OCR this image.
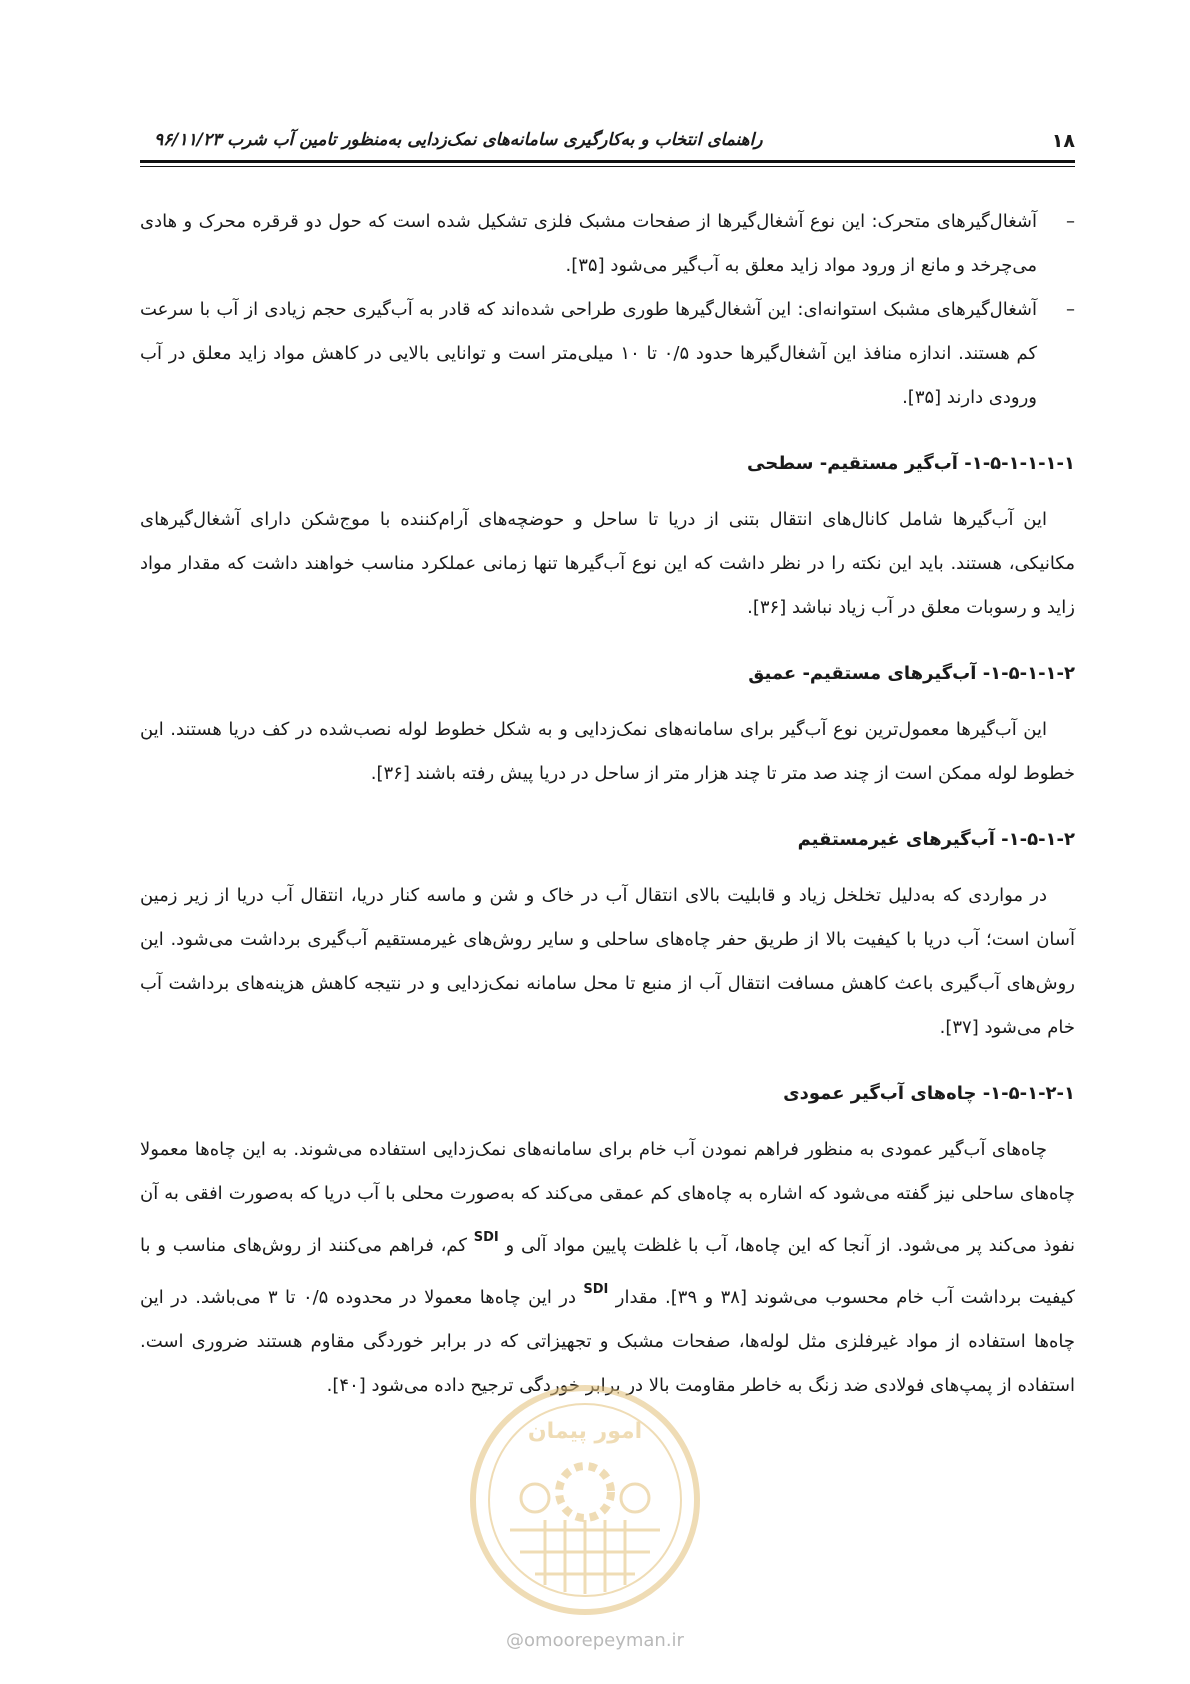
۱۸
راهنمای انتخاب و به‌کارگیری سامانه‌های نمک‌زدایی به‌منظور تامین آب شرب ۹۶/۱۱/۲۳

–
آشغال‌گیرهای متحرک: این نوع آشغال‌گیرها از صفحات مشبک فلزی تشکیل شده است که حول دو قرقره محرک و هادی می‌چرخد و مانع از ورود مواد زاید معلق به آب‌گیر می‌شود [۳۵].

–
آشغال‌گیرهای مشبک استوانه‌ای: این آشغال‌گیرها طوری طراحی شده‌اند که قادر به آب‌گیری حجم زیادی از آب با سرعت کم هستند. اندازه منافذ این آشغال‌گیرها حدود ۰/۵ تا ۱۰ میلی‌متر است و توانایی بالایی در کاهش مواد زاید معلق در آب ورودی دارند [۳۵].

۱-۵-۱-۱-۱-۱- آب‌گیر مستقیم- سطحی

این آب‌گیرها شامل کانال‌های انتقال بتنی از دریا تا ساحل و حوضچه‌های آرام‌کننده با موج‌شکن دارای آشغال‌گیرهای مکانیکی، هستند. باید این نکته را در نظر داشت که این نوع آب‌گیرها تنها زمانی عملکرد مناسب خواهند داشت که مقدار مواد زاید و رسوبات معلق در آب زیاد نباشد [۳۶].

۱-۵-۱-۱-۲- آب‌گیرهای مستقیم- عمیق

این آب‌گیرها معمول‌ترین نوع آب‌گیر برای سامانه‌های نمک‌زدایی و به شکل خطوط لوله نصب‌شده در کف دریا هستند. این خطوط لوله ممکن است از چند صد متر تا چند هزار متر از ساحل در دریا پیش رفته باشند [۳۶].

۱-۵-۱-۲- آب‌گیرهای غیرمستقیم

در مواردی که به‌دلیل تخلخل زیاد و قابلیت بالای انتقال آب در خاک و شن و ماسه کنار دریا، انتقال آب دریا از زیر زمین آسان است؛ آب دریا با کیفیت بالا از طریق حفر چاه‌های ساحلی و سایر روش‌های غیرمستقیم آب‌گیری برداشت می‌شود. این روش‌های آب‌گیری باعث کاهش مسافت انتقال آب از منبع تا محل سامانه نمک‌زدایی و در نتیجه کاهش هزینه‌های برداشت آب خام می‌شود [۳۷].

۱-۵-۱-۲-۱- چاه‌های آب‌گیر عمودی

چاه‌های آب‌گیر عمودی به منظور فراهم نمودن آب خام برای سامانه‌های نمک‌زدایی استفاده می‌شوند. به این چاه‌ها معمولا چاه‌های ساحلی نیز گفته می‌شود که اشاره به چاه‌های کم عمقی می‌کند که به‌صورت محلی با آب دریا که به‌صورت افقی به آن نفوذ می‌کند پر می‌شود. از آنجا که این چاه‌ها، آب با غلظت پایین مواد آلی و $^{SDI}$ کم، فراهم می‌کنند از روش‌های مناسب و با کیفیت برداشت آب خام محسوب می‌شوند [۳۸ و ۳۹]. مقدار $^{SDI}$ در این چاه‌ها معمولا در محدوده ۰/۵ تا ۳ می‌باشد. در این چاه‌ها استفاده از مواد غیرفلزی مثل لوله‌ها، صفحات مشبک و تجهیزاتی که در برابر خوردگی مقاوم هستند ضروری است. استفاده از پمپ‌های فولادی ضد زنگ به خاطر مقاومت بالا در برابر خوردگی ترجیح داده می‌شود [۴۰].

امور پیمان
@omoorepeyman.ir
